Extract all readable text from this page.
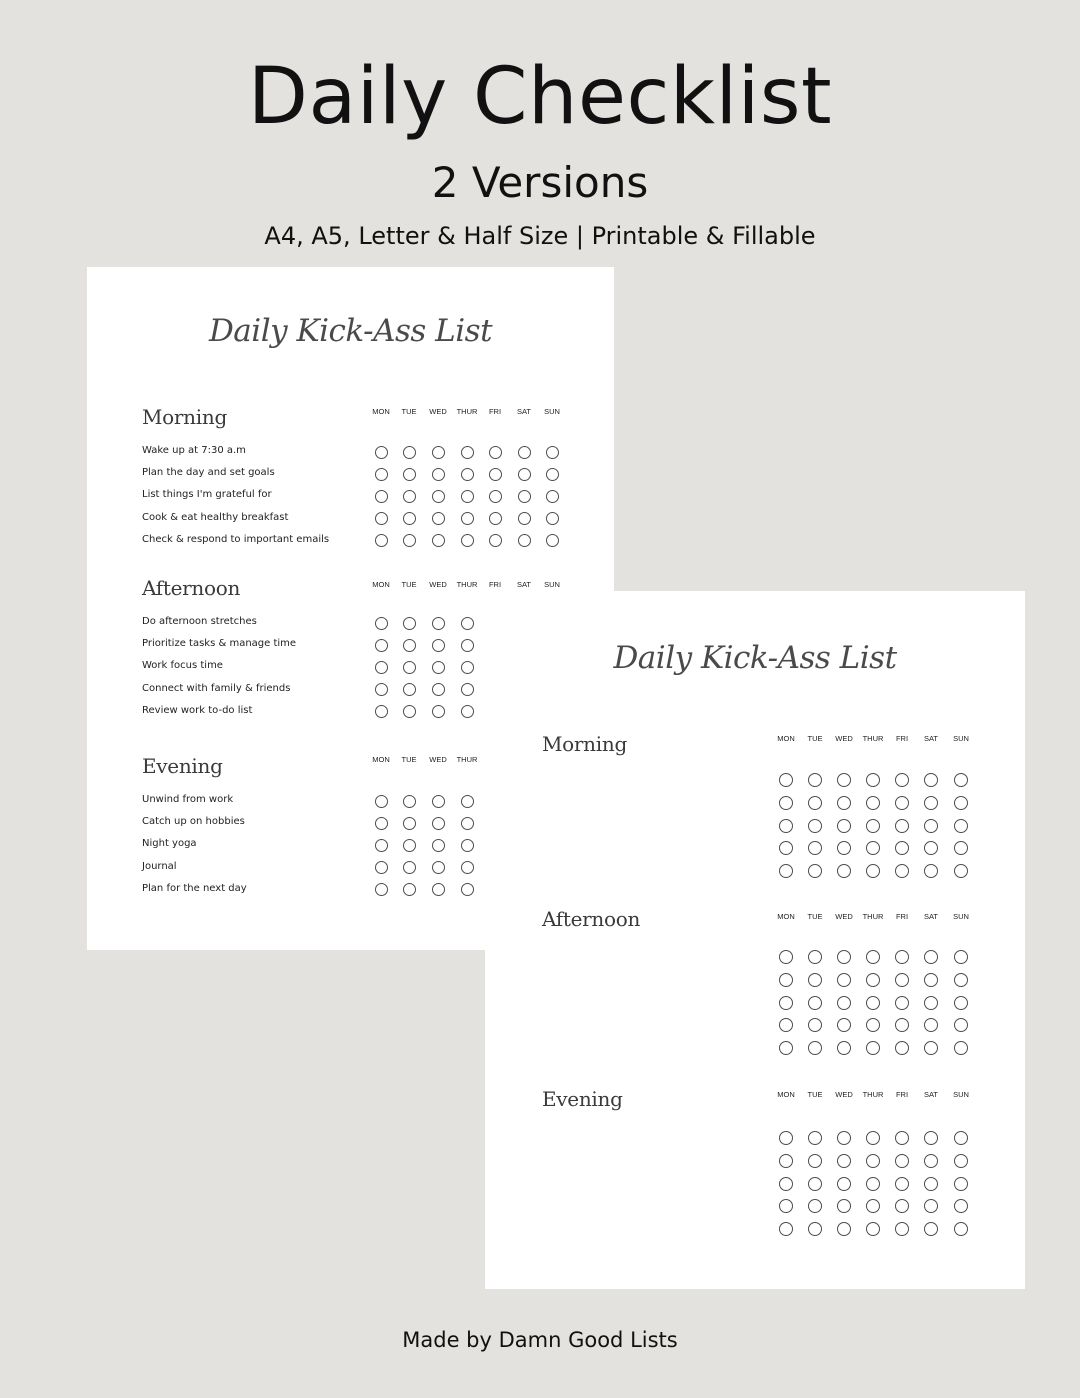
Daily Checklist
2 Versions
A4, A5, Letter & Half Size | Printable & Fillable
Daily Kick-Ass List
Morning	MON	TUE	WED	THUR	FRI	SAT	SUN
Wake up at 7:30 a.m
Plan the day and set goals
List things I'm grateful for
Cook & eat healthy breakfast
Check & respond to important emails
Afternoon	MON	TUE	WED	THUR	FRI	SAT	SUN
Do afternoon stretches
Prioritize tasks & manage time
Work focus time
Connect with family & friends
Review work to-do list
Evening	MON	TUE	WED	THUR
Unwind from work
Catch up on hobbies
Night yoga
Journal
Plan for the next day
Daily Kick-Ass List
Morning	MON	TUE	WED	THUR	FRI	SAT	SUN
Afternoon	MON	TUE	WED	THUR	FRI	SAT	SUN
Evening	MON	TUE	WED	THUR	FRI	SAT	SUN
Made by Damn Good Lists
